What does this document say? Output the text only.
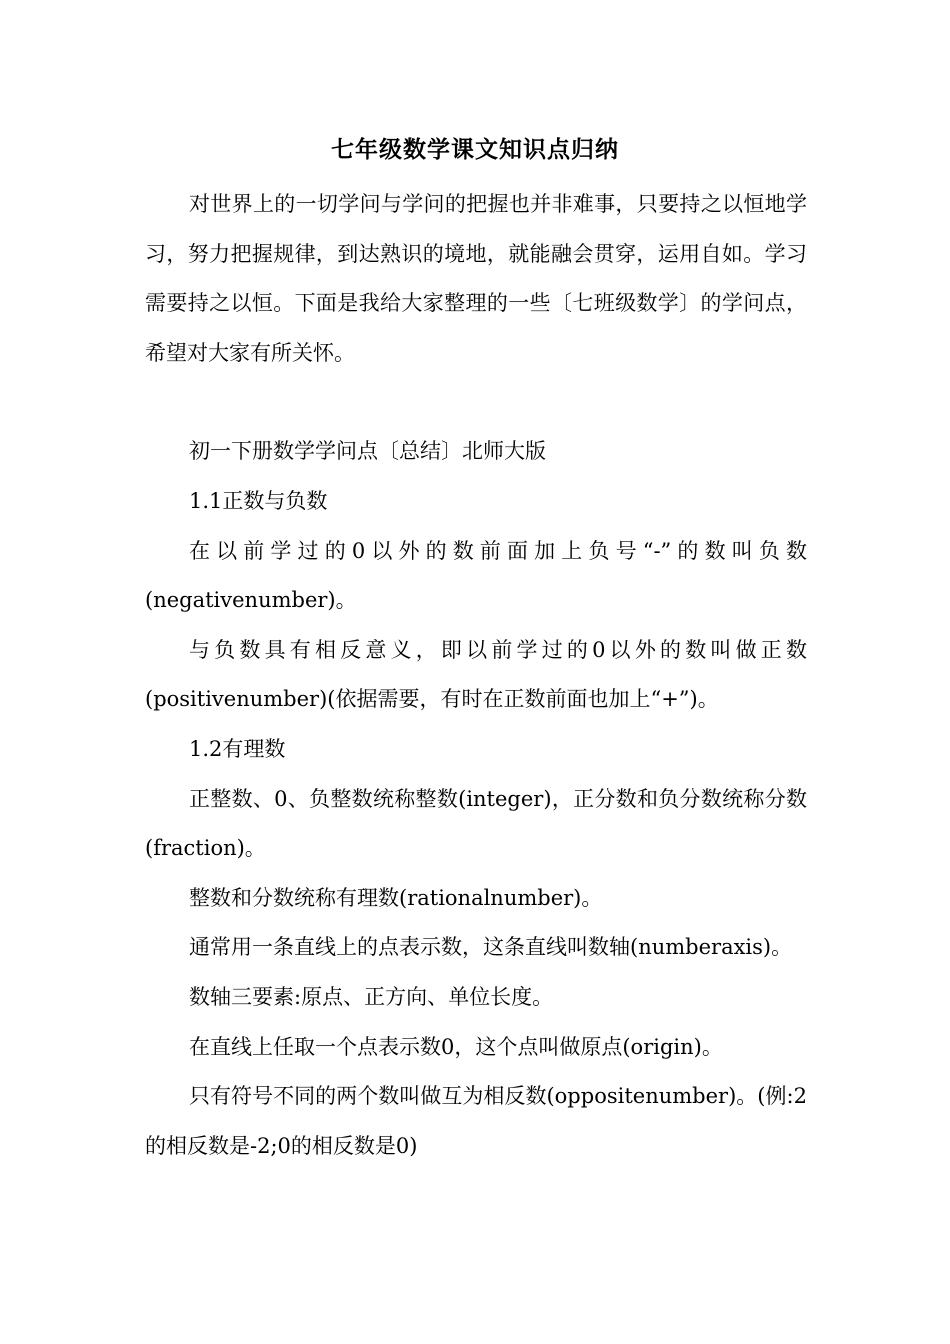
七年级数学课文知识点归纳

对世界上的一切学问与学问的把握也并非难事，只要持之以恒地学习，努力把握规律，到达熟识的境地，就能融会贯穿，运用自如。学习需要持之以恒。下面是我给大家整理的一些〔七班级数学〕的学问点，希望对大家有所关怀。

初一下册数学学问点〔总结〕北师大版

1.1正数与负数

在以前学过的0以外的数前面加上负号“-”的数叫负数(negativenumber)。

与负数具有相反意义，即以前学过的0以外的数叫做正数(positivenumber)(依据需要，有时在正数前面也加上“+”)。

1.2有理数

正整数、0、负整数统称整数(integer)，正分数和负分数统称分数(fraction)。

整数和分数统称有理数(rationalnumber)。

通常用一条直线上的点表示数，这条直线叫数轴(numberaxis)。

数轴三要素:原点、正方向、单位长度。

在直线上任取一个点表示数0，这个点叫做原点(origin)。

只有符号不同的两个数叫做互为相反数(oppositenumber)。(例:2的相反数是-2;0的相反数是0)
